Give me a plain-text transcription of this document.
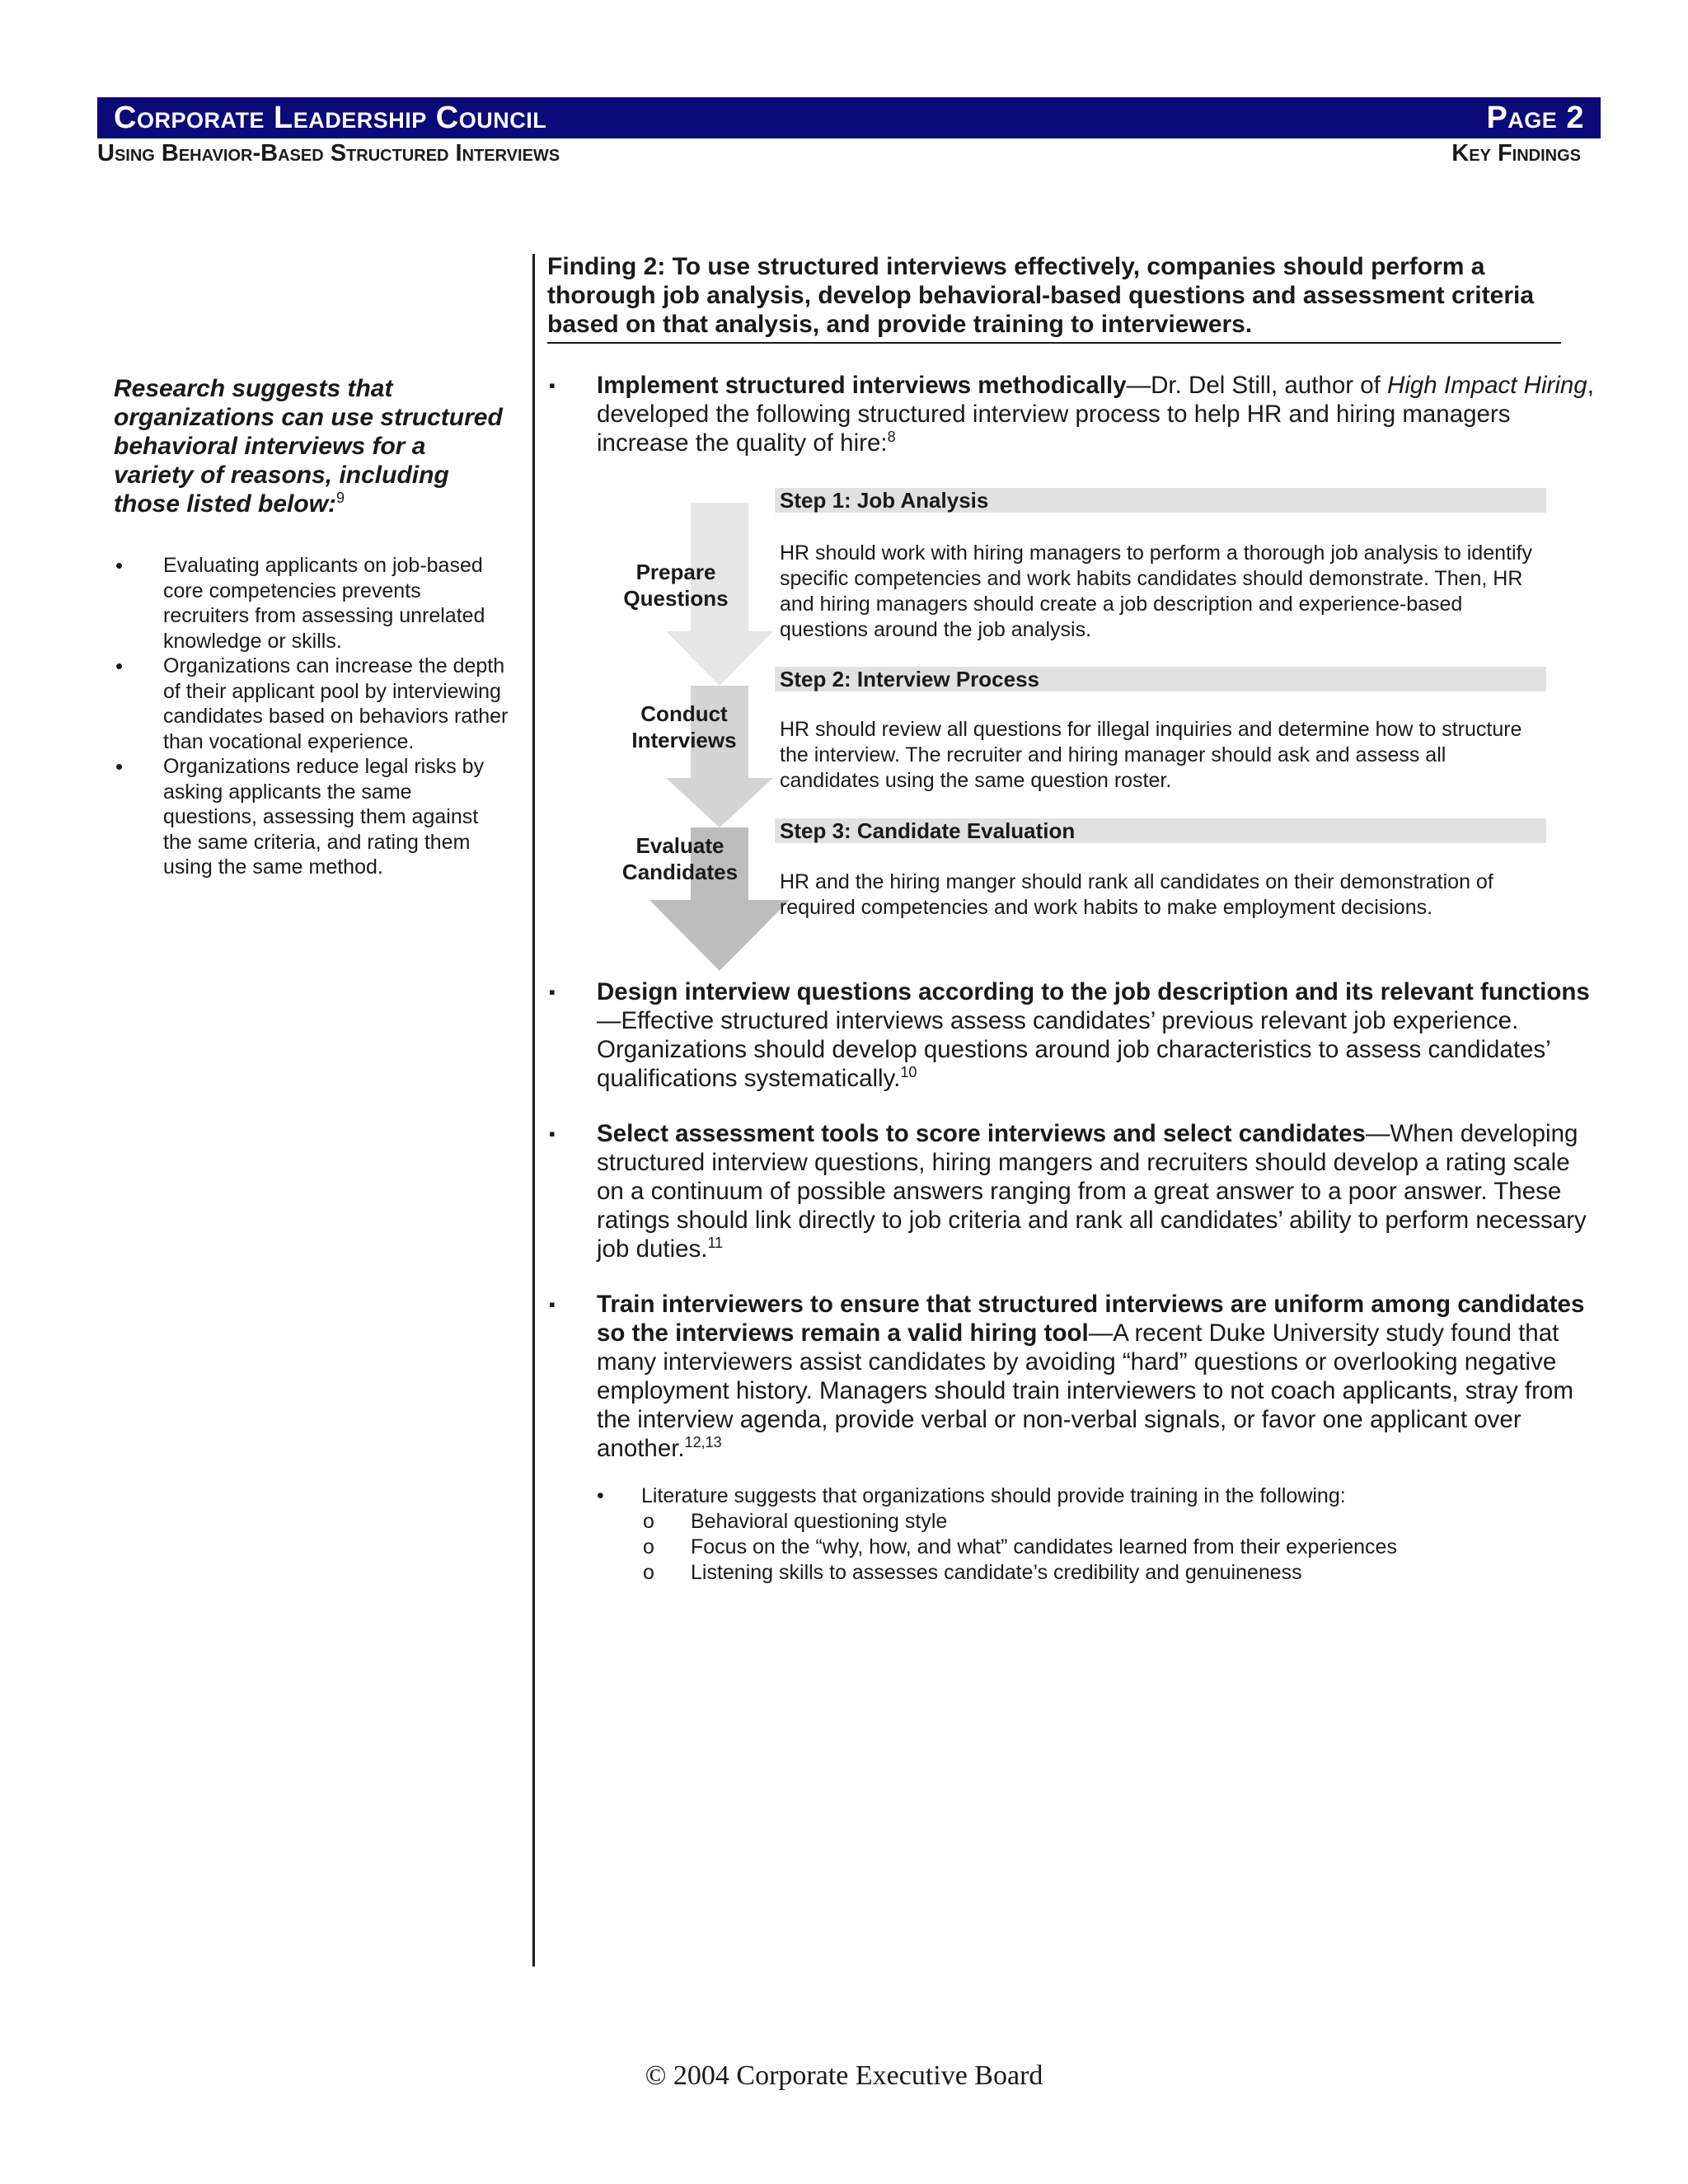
Corporate Leadership Council	Page 2
Using Behavior-Based Structured Interviews	Key Findings

Research suggests that organizations can use structured behavioral interviews for a variety of reasons, including those listed below:$^9$

• Evaluating applicants on job-based core competencies prevents recruiters from assessing unrelated knowledge or skills.
• Organizations can increase the depth of their applicant pool by interviewing candidates based on behaviors rather than vocational experience.
• Organizations reduce legal risks by asking applicants the same questions, assessing them against the same criteria, and rating them using the same method.
Finding 2: To use structured interviews effectively, companies should perform a thorough job analysis, develop behavioral-based questions and assessment criteria based on that analysis, and provide training to interviewers.
▪ Implement structured interviews methodically—Dr. Del Still, author of High Impact Hiring, developed the following structured interview process to help HR and hiring managers increase the quality of hire:$^8$
Prepare Questions
Conduct Interviews
Evaluate Candidates
Step 1: Job Analysis
HR should work with hiring managers to perform a thorough job analysis to identify specific competencies and work habits candidates should demonstrate. Then, HR and hiring managers should create a job description and experience-based questions around the job analysis.
Step 2: Interview Process
HR should review all questions for illegal inquiries and determine how to structure the interview. The recruiter and hiring manager should ask and assess all candidates using the same question roster.
Step 3: Candidate Evaluation
HR and the hiring manger should rank all candidates on their demonstration of required competencies and work habits to make employment decisions.
▪ Design interview questions according to the job description and its relevant functions—Effective structured interviews assess candidates’ previous relevant job experience. Organizations should develop questions around job characteristics to assess candidates’ qualifications systematically.$^{10}$
▪ Select assessment tools to score interviews and select candidates—When developing structured interview questions, hiring mangers and recruiters should develop a rating scale on a continuum of possible answers ranging from a great answer to a poor answer. These ratings should link directly to job criteria and rank all candidates’ ability to perform necessary job duties.$^{11}$
▪ Train interviewers to ensure that structured interviews are uniform among candidates so the interviews remain a valid hiring tool—A recent Duke University study found that many interviewers assist candidates by avoiding “hard” questions or overlooking negative employment history. Managers should train interviewers to not coach applicants, stray from the interview agenda, provide verbal or non-verbal signals, or favor one applicant over another.$^{12,13}$
• Literature suggests that organizations should provide training in the following:
o Behavioral questioning style
o Focus on the “why, how, and what” candidates learned from their experiences
o Listening skills to assesses candidate’s credibility and genuineness
© 2004 Corporate Executive Board
